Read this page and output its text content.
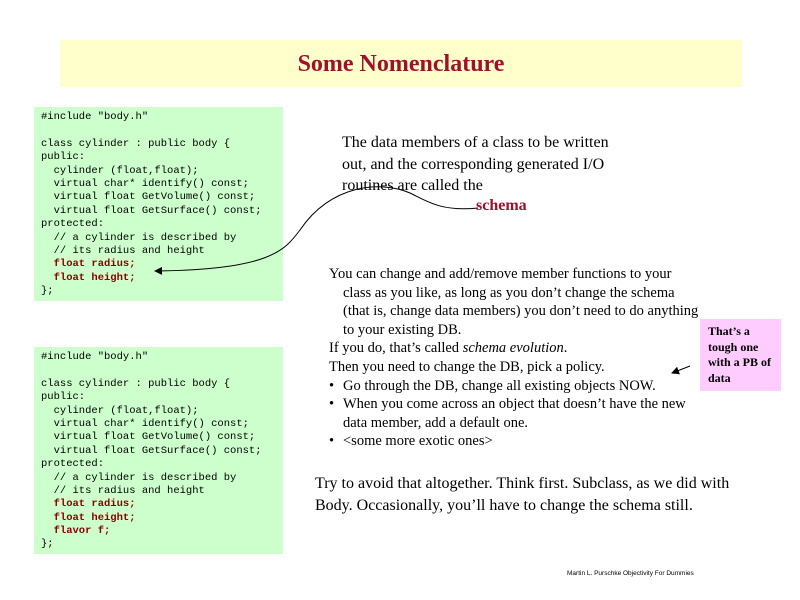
Some Nomenclature
#include "body.h"

class cylinder : public body {
public:
cylinder (float,float);
virtual char* identify() const;
virtual float GetVolume() const;
virtual float GetSurface() const;
protected:
// a cylinder is described by
// its radius and height
float radius;
float height;
};
#include "body.h"

class cylinder : public body {
public:
cylinder (float,float);
virtual char* identify() const;
virtual float GetVolume() const;
virtual float GetSurface() const;
protected:
// a cylinder is described by
// its radius and height
float radius;
float height;
flavor f;
};
The data members of a class to be written
out, and the corresponding generated I/O
routines are called the
schema
You can change and add/remove member functions to your class as you like, as long as you don’t change the schema (that is, change data members) you don’t need to do anything to your existing DB.
If you do, that’s called schema evolution.
Then you need to change the DB, pick a policy.
• Go through the DB, change all existing objects NOW.
• When you come across an object that doesn’t have the new data member, add a default one.
• <some more exotic ones>
That’s a tough one with a PB of data
Try to avoid that altogether. Think first. Subclass, as we did with Body. Occasionally, you’ll have to change the schema still.
Martin L. Purschke Objectivity For Dummies
